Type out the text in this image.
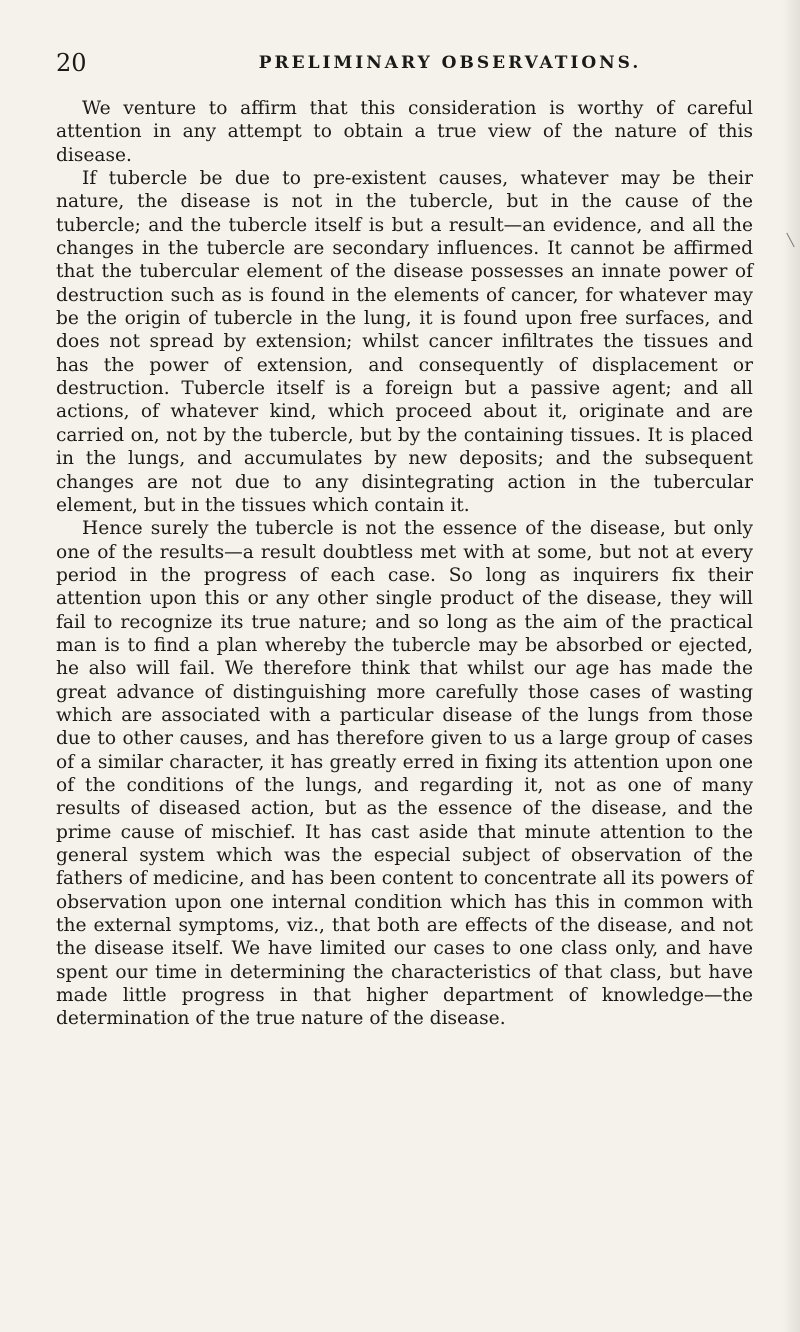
20	PRELIMINARY OBSERVATIONS.

We venture to affirm that this consideration is worthy of careful attention in any attempt to obtain a true view of the nature of this disease.

If tubercle be due to pre-existent causes, whatever may be their nature, the disease is not in the tubercle, but in the cause of the tubercle; and the tubercle itself is but a result—an evidence, and all the changes in the tubercle are secondary influences. It cannot be affirmed that the tubercular element of the disease possesses an innate power of destruction such as is found in the elements of cancer, for whatever may be the origin of tubercle in the lung, it is found upon free surfaces, and does not spread by extension; whilst cancer infiltrates the tissues and has the power of extension, and consequently of displacement or destruction. Tubercle itself is a foreign but a passive agent; and all actions, of whatever kind, which proceed about it, originate and are carried on, not by the tubercle, but by the containing tissues. It is placed in the lungs, and accumulates by new deposits; and the subsequent changes are not due to any disintegrating action in the tubercular element, but in the tissues which contain it.

Hence surely the tubercle is not the essence of the disease, but only one of the results—a result doubtless met with at some, but not at every period in the progress of each case. So long as inquirers fix their attention upon this or any other single product of the disease, they will fail to recognize its true nature; and so long as the aim of the practical man is to find a plan whereby the tubercle may be absorbed or ejected, he also will fail. We therefore think that whilst our age has made the great advance of distinguishing more carefully those cases of wasting which are associated with a particular disease of the lungs from those due to other causes, and has therefore given to us a large group of cases of a similar character, it has greatly erred in fixing its attention upon one of the conditions of the lungs, and regarding it, not as one of many results of diseased action, but as the essence of the disease, and the prime cause of mischief. It has cast aside that minute attention to the general system which was the especial subject of observation of the fathers of medicine, and has been content to concentrate all its powers of observation upon one internal condition which has this in common with the external symptoms, viz., that both are effects of the disease, and not the disease itself. We have limited our cases to one class only, and have spent our time in determining the characteristics of that class, but have made little progress in that higher department of knowledge—the determination of the true nature of the disease.
